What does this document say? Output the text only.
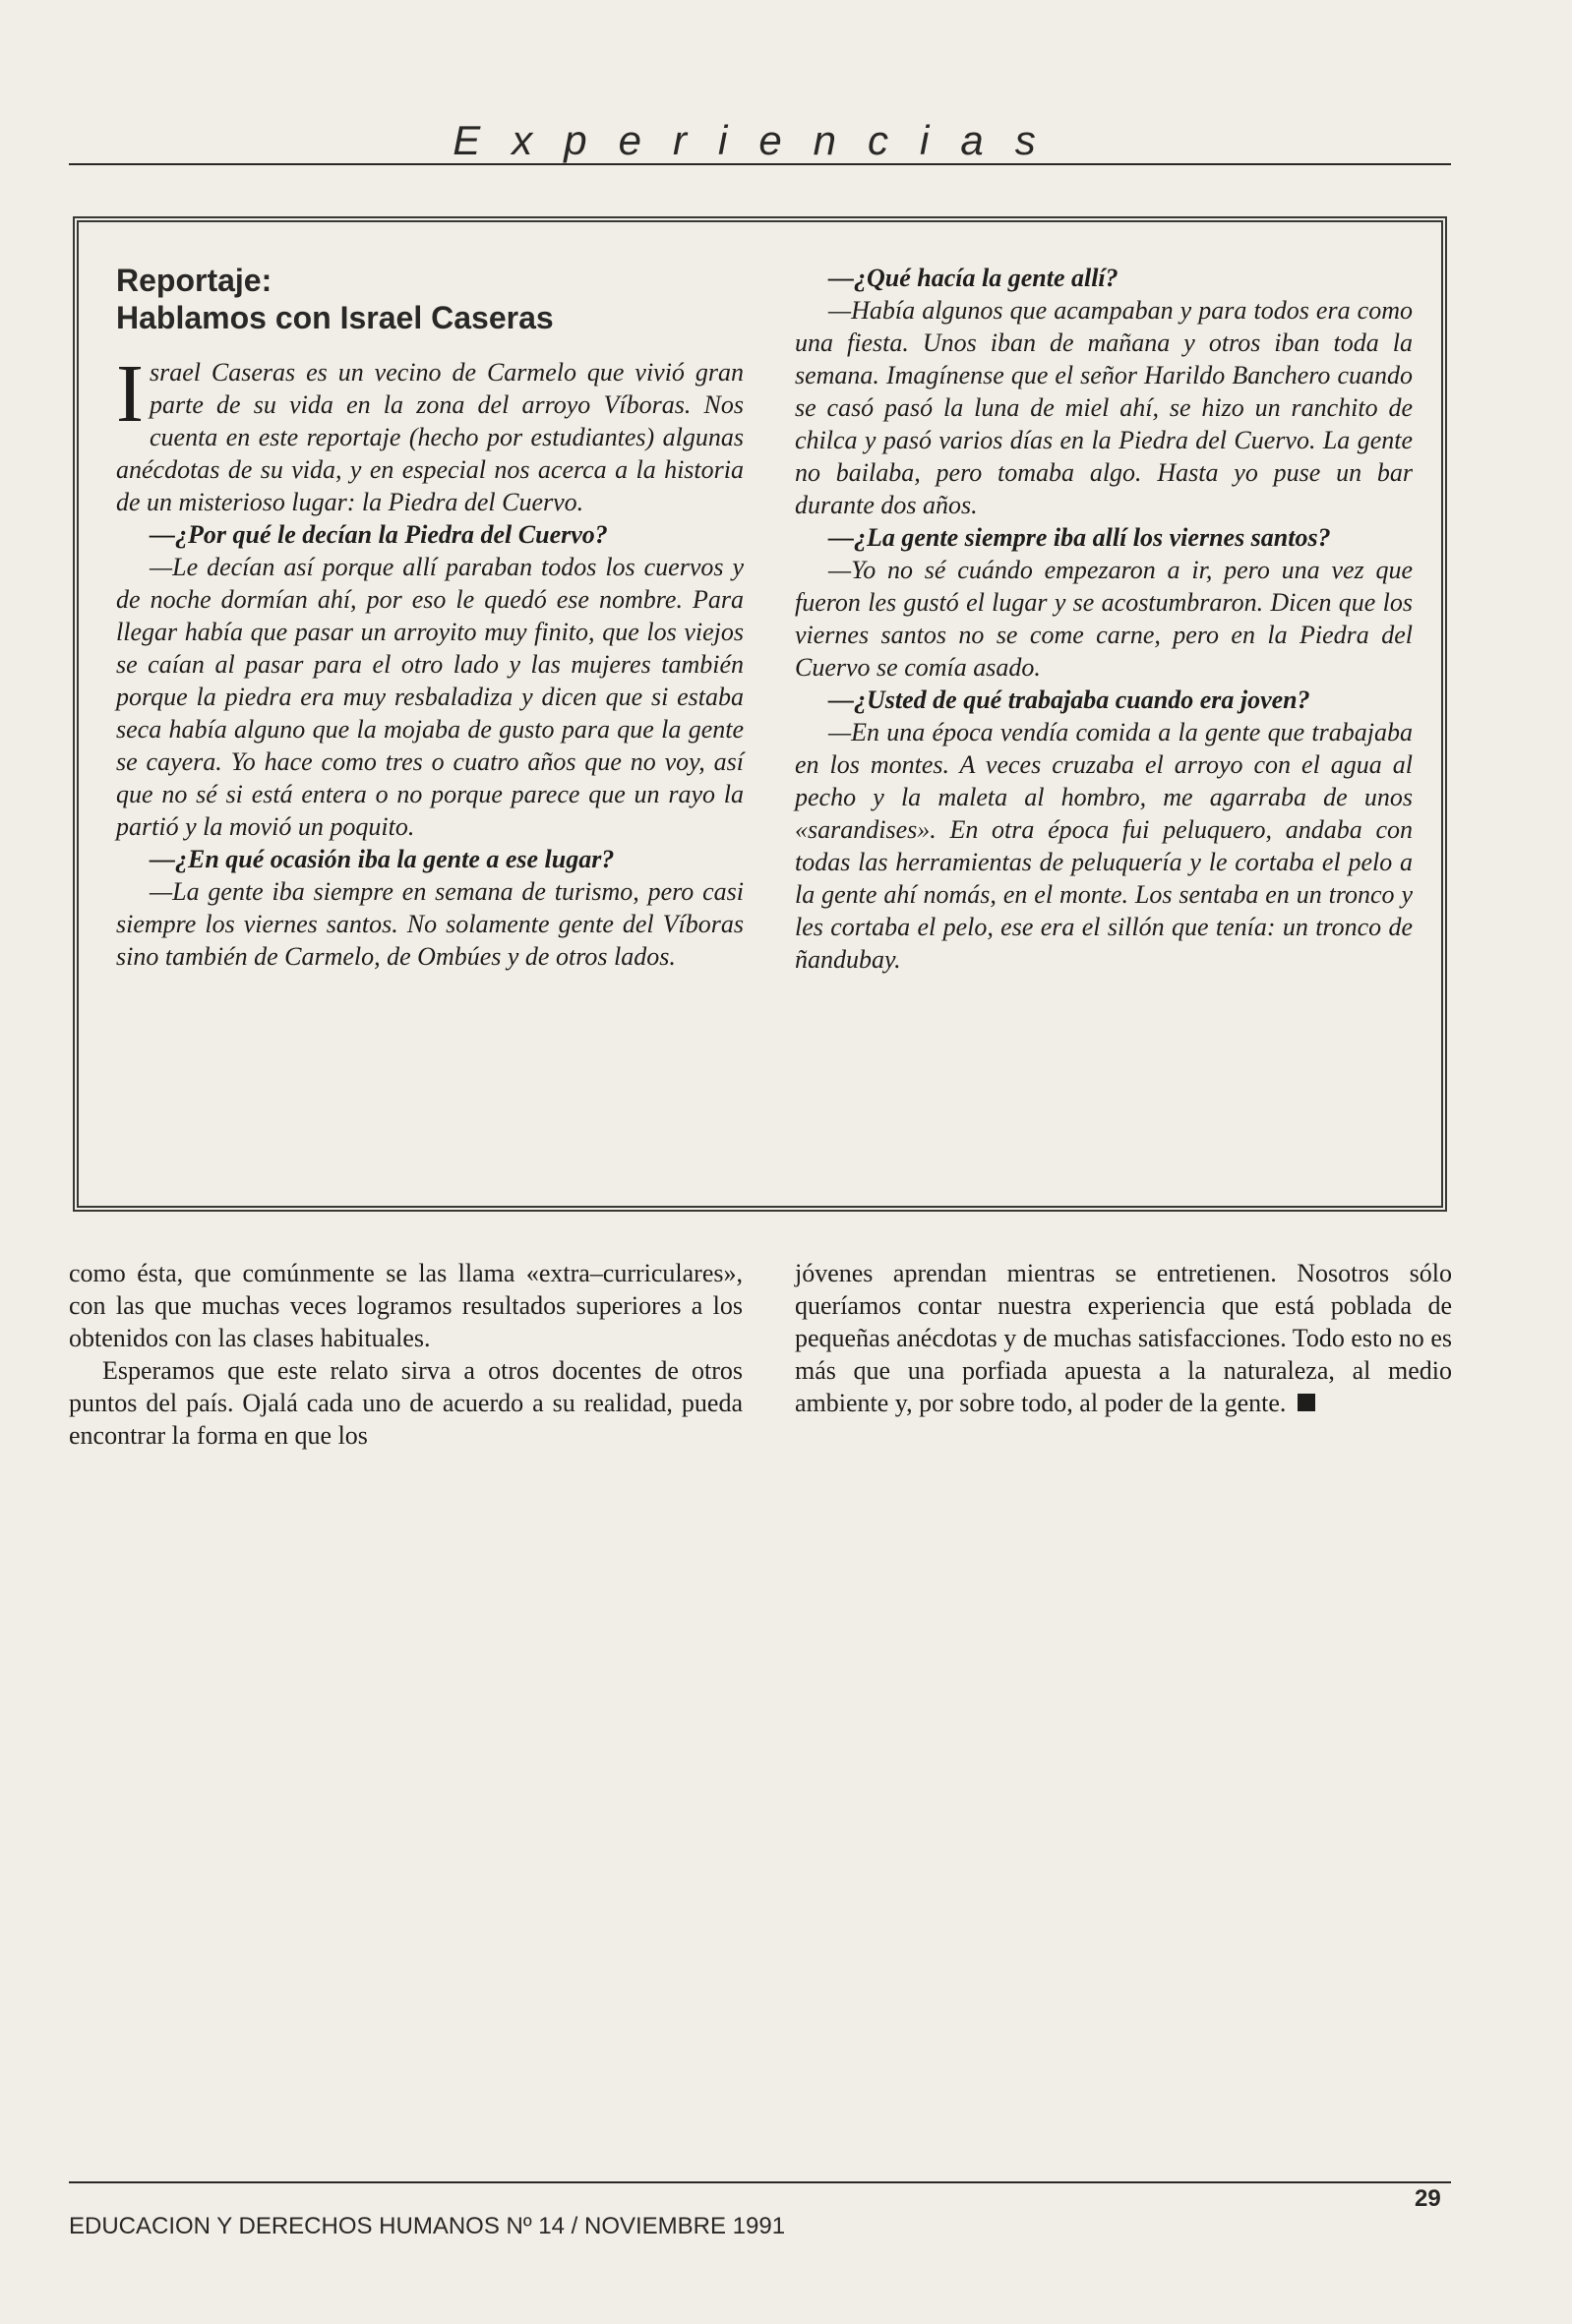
Experiencias
Reportaje:
Hablamos con Israel Caseras

Israel Caseras es un vecino de Carmelo que vivió gran parte de su vida en la zona del arroyo Víboras. Nos cuenta en este reportaje (hecho por estudiantes) algunas anécdotas de su vida, y en especial nos acerca a la historia de un misterioso lugar: la Piedra del Cuervo.

—¿Por qué le decían la Piedra del Cuervo?

—Le decían así porque allí paraban todos los cuervos y de noche dormían ahí, por eso le quedó ese nombre. Para llegar había que pasar un arroyito muy finito, que los viejos se caían al pasar para el otro lado y las mujeres también porque la piedra era muy resbaladiza y dicen que si estaba seca había alguno que la mojaba de gusto para que la gente se cayera. Yo hace como tres o cuatro años que no voy, así que no sé si está entera o no porque parece que un rayo la partió y la movió un poquito.

—¿En qué ocasión iba la gente a ese lugar?

—La gente iba siempre en semana de turismo, pero casi siempre los viernes santos. No solamente gente del Víboras sino también de Carmelo, de Ombúes y de otros lados.

—¿Qué hacía la gente allí?

—Había algunos que acampaban y para todos era como una fiesta. Unos iban de mañana y otros iban toda la semana. Imagínense que el señor Harildo Banchero cuando se casó pasó la luna de miel ahí, se hizo un ranchito de chilca y pasó varios días en la Piedra del Cuervo. La gente no bailaba, pero tomaba algo. Hasta yo puse un bar durante dos años.

—¿La gente siempre iba allí los viernes santos?

—Yo no sé cuándo empezaron a ir, pero una vez que fueron les gustó el lugar y se acostumbraron. Dicen que los viernes santos no se come carne, pero en la Piedra del Cuervo se comía asado.

—¿Usted de qué trabajaba cuando era joven?

—En una época vendía comida a la gente que trabajaba en los montes. A veces cruzaba el arroyo con el agua al pecho y la maleta al hombro, me agarraba de unos «sarandises». En otra época fui peluquero, andaba con todas las herramientas de peluquería y le cortaba el pelo a la gente ahí nomás, en el monte. Los sentaba en un tronco y les cortaba el pelo, ese era el sillón que tenía: un tronco de ñandubay.

como ésta, que comúnmente se las llama «extra–curriculares», con las que muchas veces logramos resultados superiores a los obtenidos con las clases habituales.

Esperamos que este relato sirva a otros docentes de otros puntos del país. Ojalá cada uno de acuerdo a su realidad, pueda encontrar la forma en que los

jóvenes aprendan mientras se entretienen. Nosotros sólo queríamos contar nuestra experiencia que está poblada de pequeñas anécdotas y de muchas satisfacciones. Todo esto no es más que una porfiada apuesta a la naturaleza, al medio ambiente y, por sobre todo, al poder de la gente.

EDUCACION Y DERECHOS HUMANOS Nº 14 / NOVIEMBRE 1991
29
